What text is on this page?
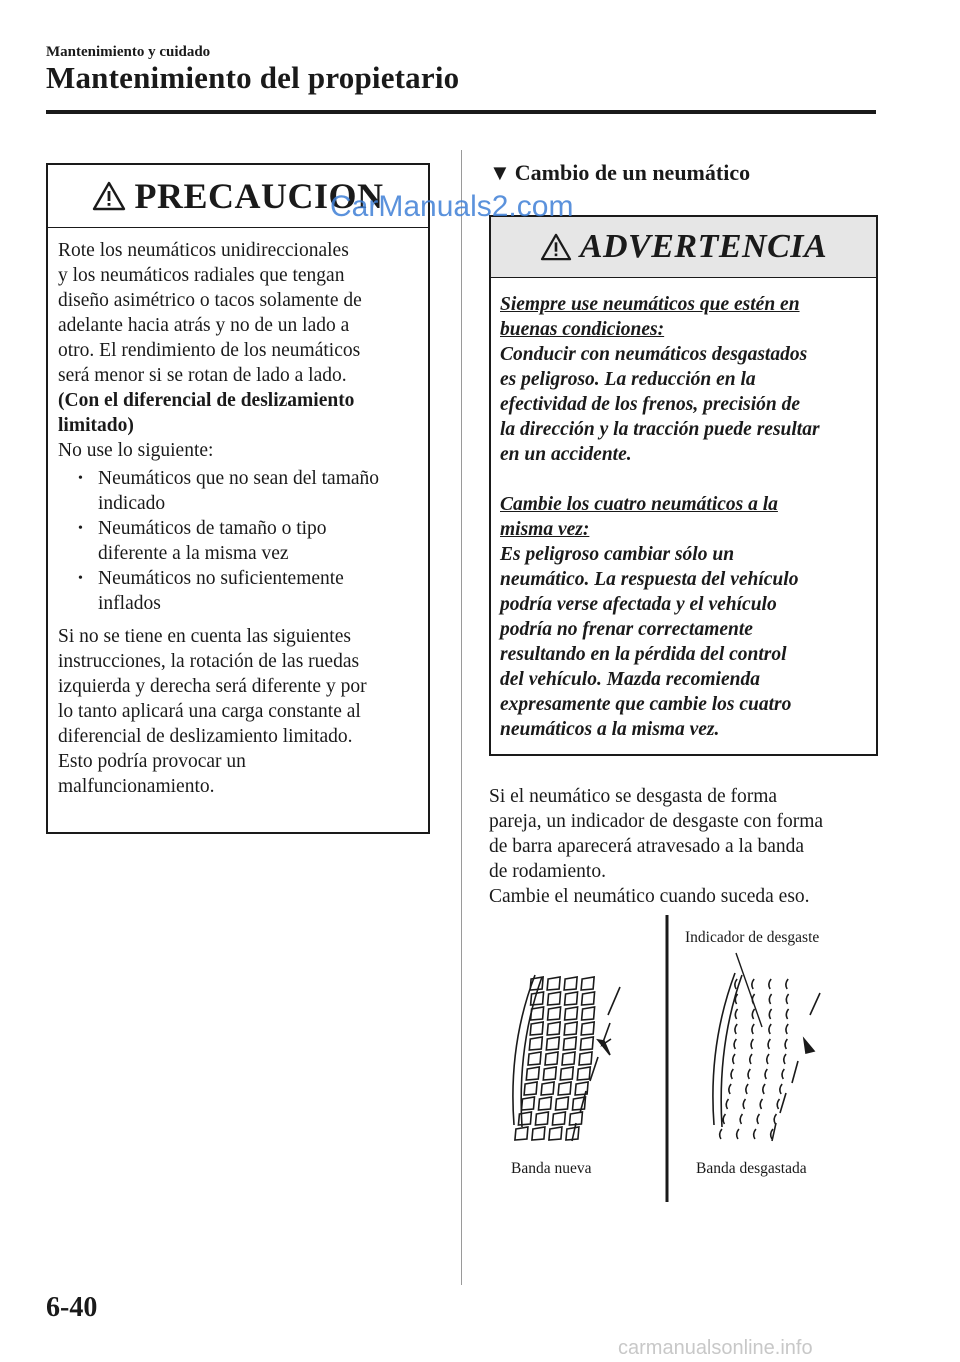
Mantenimiento y cuidado
Mantenimiento del propietario
PRECAUCION

Rote los neumáticos unidireccionales

y los neumáticos radiales que tengan

diseño asimétrico o tacos solamente de

adelante hacia atrás y no de un lado a

otro. El rendimiento de los neumáticos

será menor si se rotan de lado a lado.

(Con el diferencial de deslizamiento

limitado)

No use lo siguiente:

• Neumáticos que no sean del tamaño
indicado
• Neumáticos de tamaño o tipo
diferente a la misma vez
• Neumáticos no suficientemente
inflados

Si no se tiene en cuenta las siguientes

instrucciones, la rotación de las ruedas

izquierda y derecha será diferente y por

lo tanto aplicará una carga constante al

diferencial de deslizamiento limitado.

Esto podría provocar un

malfuncionamiento.

▼ Cambio de un neumático
ADVERTENCIA

Siempre use neumáticos que estén en

buenas condiciones:

Conducir con neumáticos desgastados

es peligroso. La reducción en la

efectividad de los frenos, precisión de

la dirección y la tracción puede resultar

en un accidente.

Cambie los cuatro neumáticos a la

misma vez:

Es peligroso cambiar sólo un

neumático. La respuesta del vehículo

podría verse afectada y el vehículo

podría no frenar correctamente

resultando en la pérdida del control

del vehículo. Mazda recomienda

expresamente que cambie los cuatro

neumáticos a la misma vez.

Si el neumático se desgasta de forma

pareja, un indicador de desgaste con forma

de barra aparecerá atravesado a la banda

de rodamiento.

Cambie el neumático cuando suceda eso.

Indicador de desgaste
Banda nueva	Banda desgastada
6-40
CarManuals2.com
carmanualsonline.info
